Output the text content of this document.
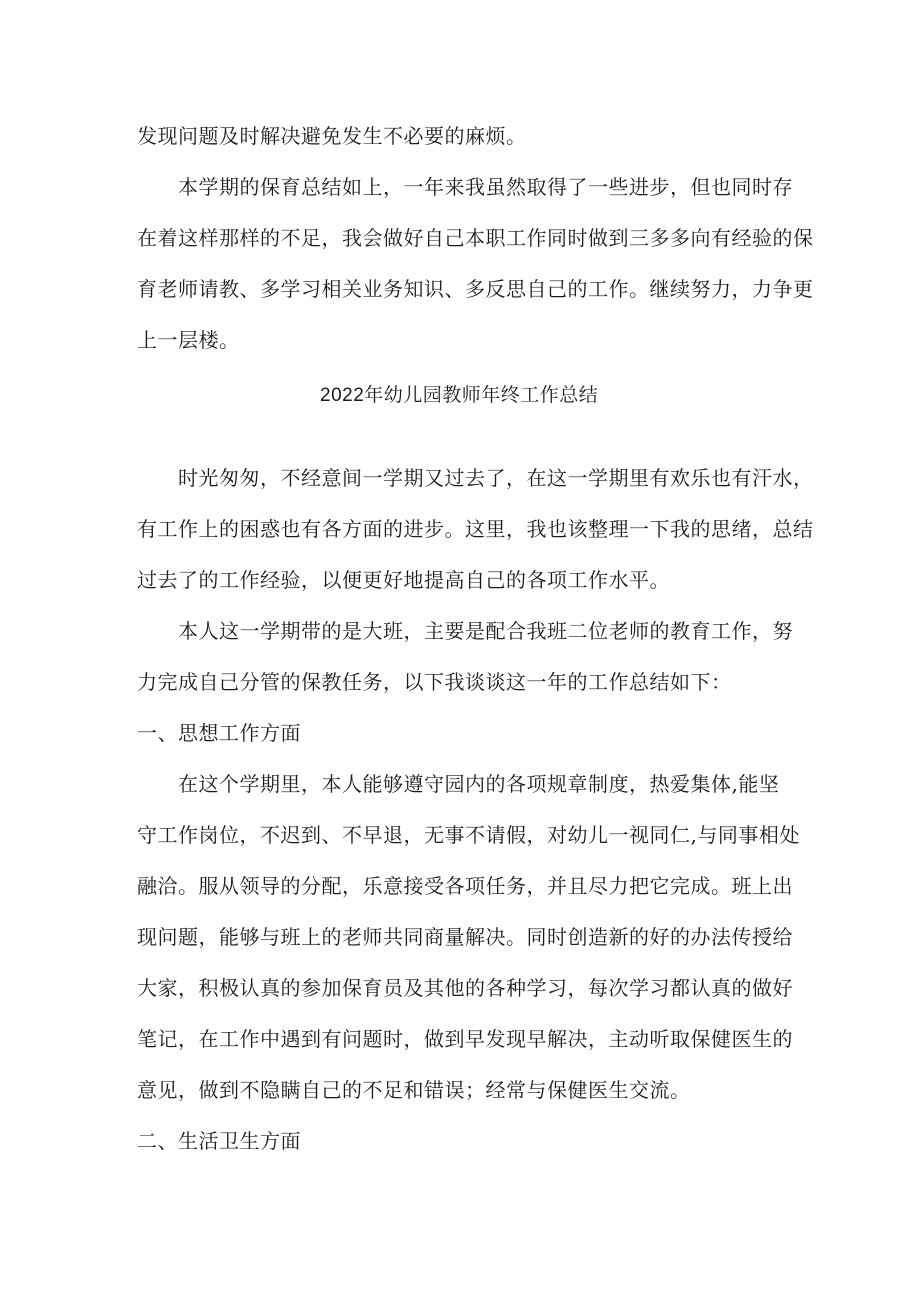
发现问题及时解决避免发生不必要的麻烦。
本学期的保育总结如上，一年来我虽然取得了一些进步，但也同时存
在着这样那样的不足，我会做好自己本职工作同时做到三多多向有经验的保
育老师请教、多学习相关业务知识、多反思自己的工作。继续努力，力争更
上一层楼。
2022年幼儿园教师年终工作总结
时光匆匆，不经意间一学期又过去了，在这一学期里有欢乐也有汗水，
有工作上的困惑也有各方面的进步。这里，我也该整理一下我的思绪，总结
过去了的工作经验，以便更好地提高自己的各项工作水平。
本人这一学期带的是大班，主要是配合我班二位老师的教育工作，努
力完成自己分管的保教任务，以下我谈谈这一年的工作总结如下：
一、思想工作方面
在这个学期里，本人能够遵守园内的各项规章制度，热爱集体,能坚
守工作岗位，不迟到、不早退，无事不请假，对幼儿一视同仁,与同事相处
融洽。服从领导的分配，乐意接受各项任务，并且尽力把它完成。班上出
现问题，能够与班上的老师共同商量解决。同时创造新的好的办法传授给
大家，积极认真的参加保育员及其他的各种学习，每次学习都认真的做好
笔记，在工作中遇到有问题时，做到早发现早解决，主动听取保健医生的
意见，做到不隐瞒自己的不足和错误；经常与保健医生交流。
二、生活卫生方面
